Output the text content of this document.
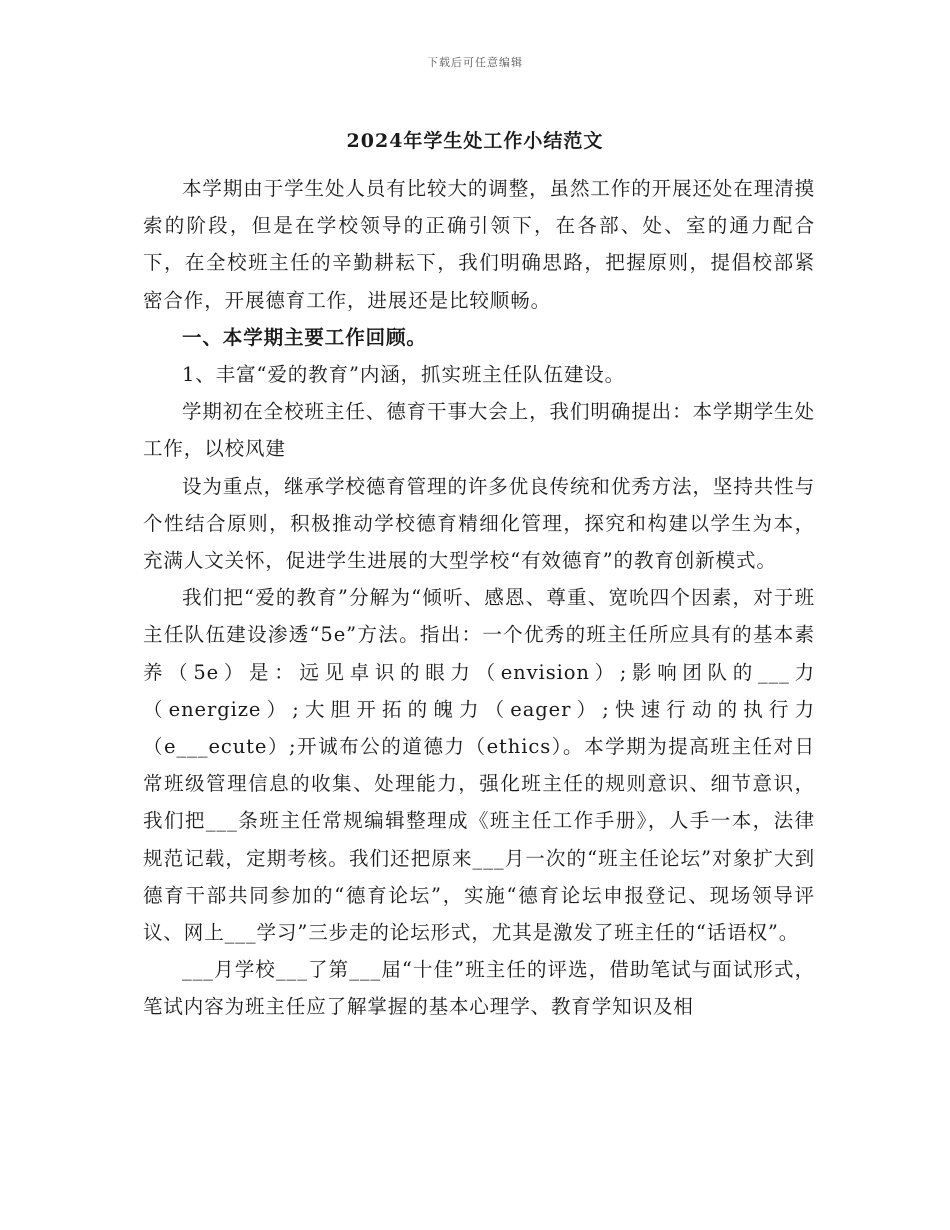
下载后可任意编辑
2024年学生处工作小结范文

本学期由于学生处人员有比较大的调整，虽然工作的开展还处在理清摸索的阶段，但是在学校领导的正确引领下，在各部、处、室的通力配合下，在全校班主任的辛勤耕耘下，我们明确思路，把握原则，提倡校部紧密合作，开展德育工作，进展还是比较顺畅。

一、本学期主要工作回顾。

1、丰富“爱的教育”内涵，抓实班主任队伍建设。

学期初在全校班主任、德育干事大会上，我们明确提出：本学期学生处工作，以校风建

设为重点，继承学校德育管理的许多优良传统和优秀方法，坚持共性与个性结合原则，积极推动学校德育精细化管理，探究和构建以学生为本，充满人文关怀，促进学生进展的大型学校“有效德育”的教育创新模式。

我们把“爱的教育”分解为“倾听、感恩、尊重、宽吮四个因素，对于班主任队伍建设渗透“5e”方法。指出：一个优秀的班主任所应具有的基本素养（5e）是：远见卓识的眼力（envision）;影响团队的___力（energize）;大胆开拓的魄力（eager）;快速行动的执行力（e___ecute）;开诚布公的道德力（ethics）。本学期为提高班主任对日常班级管理信息的收集、处理能力，强化班主任的规则意识、细节意识，我们把___条班主任常规编辑整理成《班主任工作手册》，人手一本，法律规范记载，定期考核。我们还把原来___月一次的“班主任论坛”对象扩大到德育干部共同参加的“德育论坛”，实施“德育论坛申报登记、现场领导评议、网上___学习”三步走的论坛形式，尤其是激发了班主任的“话语权”。

___月学校___了第___届“十佳”班主任的评选，借助笔试与面试形式，笔试内容为班主任应了解掌握的基本心理学、教育学知识及相
